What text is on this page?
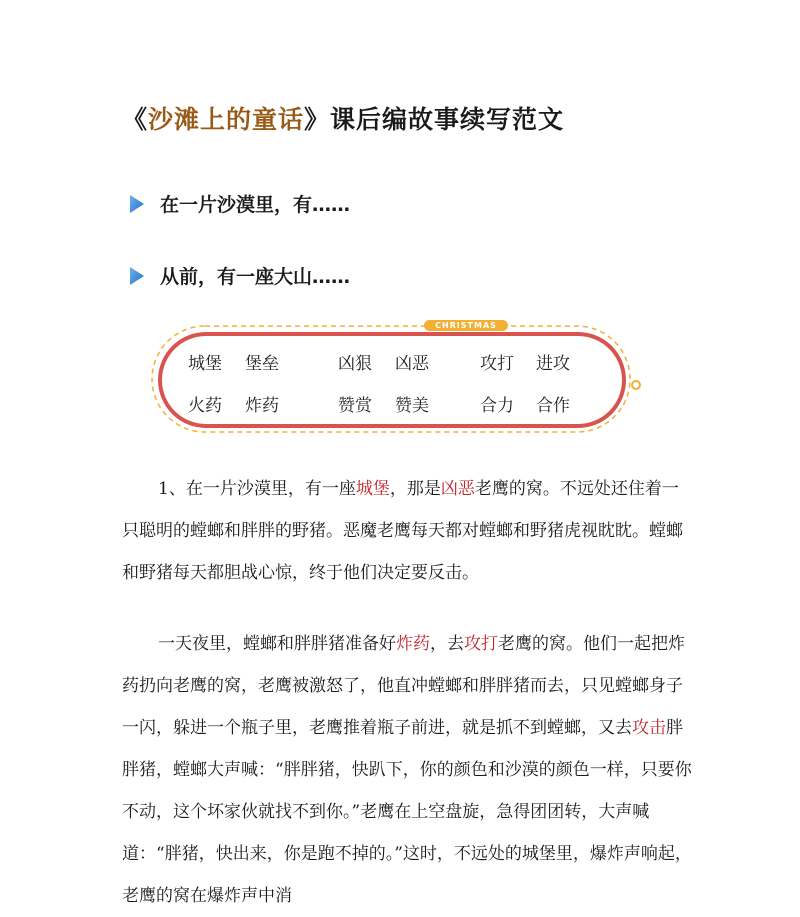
《沙滩上的童话》课后编故事续写范文
在一片沙漠里，有……
从前，有一座大山……
CHRISTMAS
城堡 堡垒	凶狠 凶恶	攻打 进攻
火药 炸药	赞赏 赞美	合力 合作

1、在一片沙漠里，有一座城堡，那是凶恶老鹰的窝。不远处还住着一只聪明的螳螂和胖胖的野猪。恶魔老鹰每天都对螳螂和野猪虎视眈眈。螳螂和野猪每天都胆战心惊，终于他们决定要反击。

一天夜里，螳螂和胖胖猪准备好炸药，去攻打老鹰的窝。他们一起把炸药扔向老鹰的窝，老鹰被激怒了，他直冲螳螂和胖胖猪而去，只见螳螂身子一闪，躲进一个瓶子里，老鹰推着瓶子前进，就是抓不到螳螂，又去攻击胖胖猪，螳螂大声喊：“胖胖猪，快趴下，你的颜色和沙漠的颜色一样，只要你不动，这个坏家伙就找不到你。”老鹰在上空盘旋，急得团团转，大声喊道：“胖猪，快出来，你是跑不掉的。”这时，不远处的城堡里，爆炸声响起，老鹰的窝在爆炸声中消
